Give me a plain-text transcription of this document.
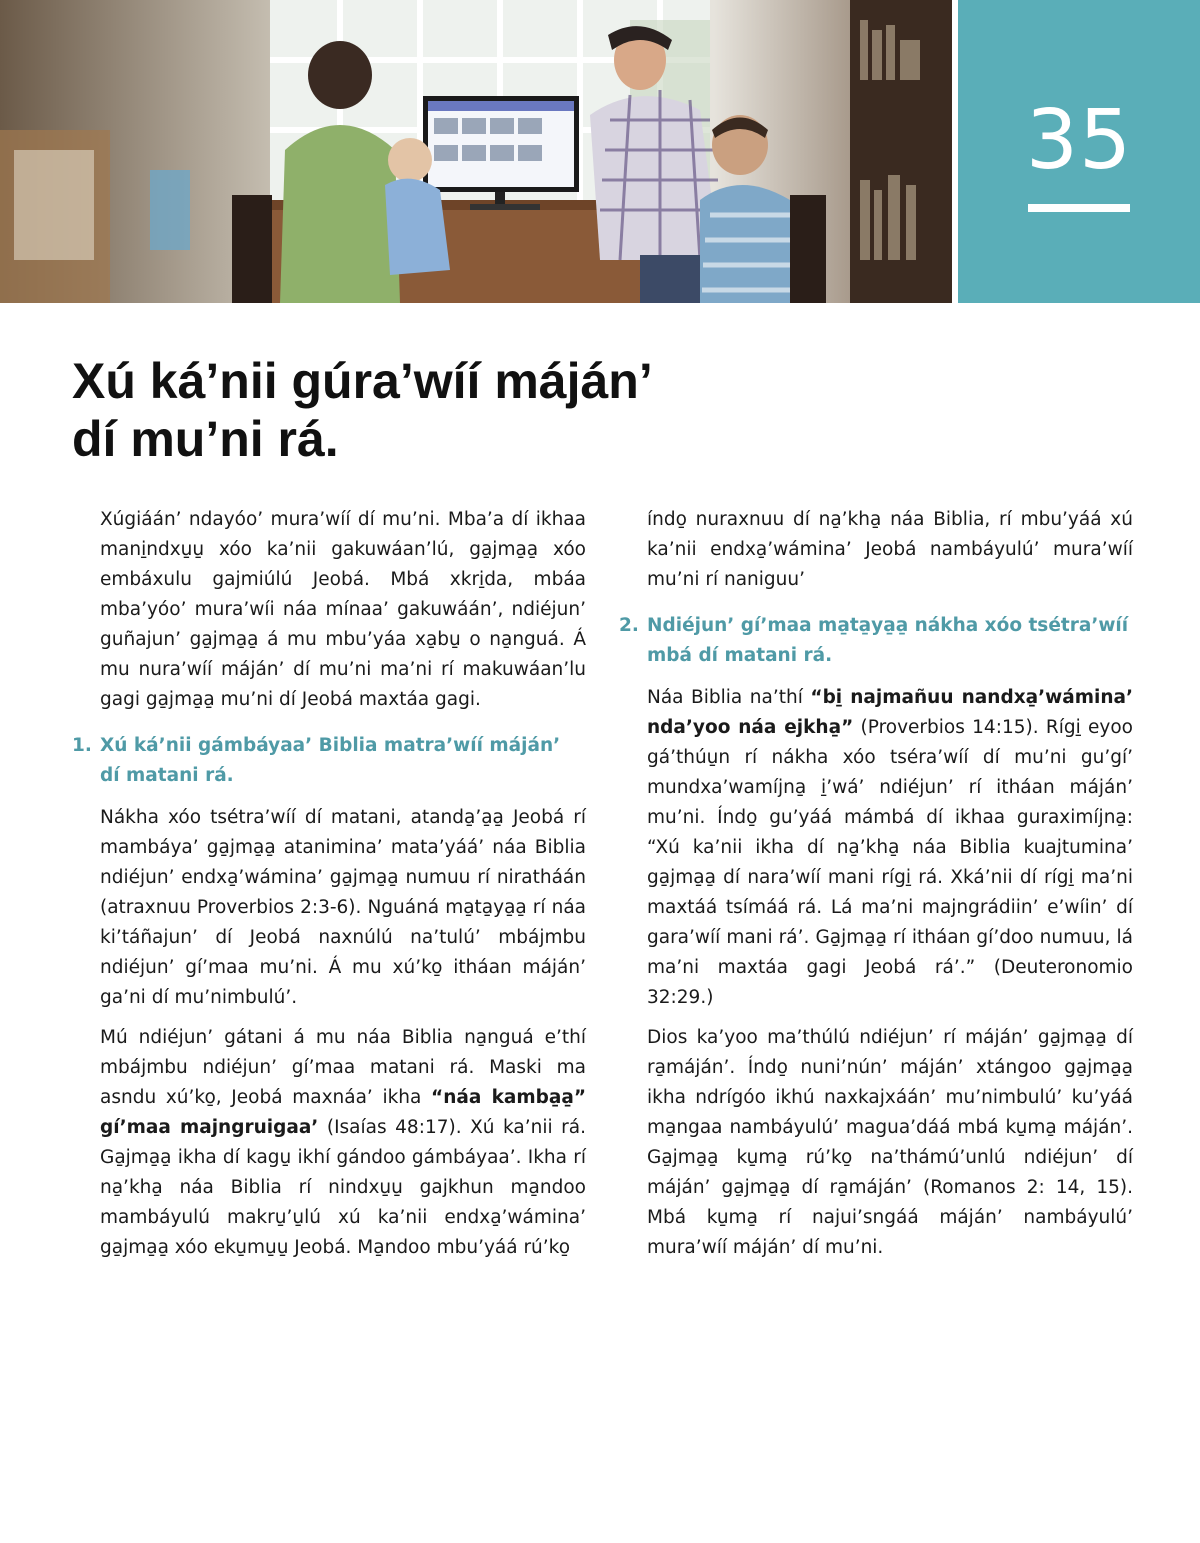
35
Xú ká’nii gúra’wíí máján’
dí mu’ni rá.

Xúgiáán’ ndayóo’ mura’wíí dí mu’ni. Mba’a dí ikhaa mani̱ndxu̱u̱ xóo ka’nii gakuwáan’lú, ga̱jma̱a̱ xóo embáxulu gajmiúlú Jeobá. Mbá xkri̱da, mbáa mba’yóo’ mura’wíi náa mínaa’ gakuwáán’, ndiéjun’ guñajun’ ga̱jma̱a̱ á mu mbu’yáa xa̱bu̱ o na̱nguá. Á mu nura’wíí máján’ dí mu’ni ma’ni rí makuwáan’lu gagi ga̱jma̱a̱ mu’ni dí Jeobá maxtáa gagi.

1. Xú ká’nii gámbáyaa’ Biblia matra’wíí máján’ dí matani rá.

Nákha xóo tsétra’wíí dí matani, atanda̱’a̱a̱ Jeobá rí mambáya’ ga̱jma̱a̱ atanimina’ mata’yáá’ náa Biblia ndiéjun’ endxa̱’wámina’ ga̱jma̱a̱ numuu rí niratháán (atraxnuu Proverbios 2:3-6). Nguáná ma̱ta̱ya̱a̱ rí náa ki’táñajun’ dí Jeobá naxnúlú na’tulú’ mbájmbu ndiéjun’ gí’maa mu’ni. Á mu xú’ko̱ itháan máján’ ga’ni dí mu’nimbulú’.

Mú ndiéjun’ gátani á mu náa Biblia na̱nguá e’thí mbájmbu ndiéjun’ gí’maa matani rá. Maski ma asndu xú’ko̱, Jeobá maxnáa’ ikha “náa kamba̱a̱” gí’maa majngruigaa’ (Isaías 48:17). Xú ka’nii rá. Ga̱jma̱a̱ ikha dí kagu̱ ikhí gándoo gámbáyaa’. Ikha rí na̱’kha̱ náa Biblia rí nindxu̱u̱ gajkhun ma̱ndoo mambáyulú makru̱’u̱lú xú ka’nii endxa̱’wámina’ ga̱jma̱a̱ xóo eku̱mu̱u̱ Jeobá. Ma̱ndoo mbu’yáá rú’ko̱

índo̱ nuraxnuu dí na̱’kha̱ náa Biblia, rí mbu’yáá xú ka’nii endxa̱’wámina’ Jeobá nambáyulú’ mura’wíí mu’ni rí naniguu’

2. Ndiéjun’ gí’maa ma̱ta̱ya̱a̱ nákha xóo tsétra’wíí mbá dí matani rá.

Náa Biblia na’thí “bi̱ najmañuu nandxa̱’wámina’ nda’yoo náa ejkha̱” (Proverbios 14:15). Rígi̱ eyoo gá’thúu̱n rí nákha xóo tséra’wíí dí mu’ni gu’gí’ mundxa’wamíjna̱ i̱’wá’ ndiéjun’ rí itháan máján’ mu’ni. Índo̱ gu’yáá mámbá dí ikhaa guraximíjna̱: “Xú ka’nii ikha dí na̱’kha̱ náa Biblia kuajtumina’ ga̱jma̱a̱ dí nara’wíí mani rígi̱ rá. Xká’nii dí rígi̱ ma’ni maxtáá tsímáá rá. Lá ma’ni majngrádiin’ e’wíin’ dí gara’wíí mani rá’. Ga̱jma̱a̱ rí itháan gí’doo numuu, lá ma’ni maxtáa gagi Jeobá rá’.” (Deuteronomio 32:29.)

Dios ka’yoo ma’thúlú ndiéjun’ rí máján’ ga̱jma̱a̱ dí ra̱máján’. Índo̱ nuni’nún’ máján’ xtángoo ga̱jma̱a̱ ikha ndrígóo ikhú naxkajxáán’ mu’nimbulú’ ku’yáá ma̱ngaa nambáyulú’ magua’dáá mbá ku̱ma̱ máján’. Ga̱jma̱a̱ ku̱ma̱ rú’ko̱ na’thámú’unlú ndiéjun’ dí máján’ ga̱jma̱a̱ dí ra̱máján’ (Romanos 2: 14, 15). Mbá ku̱ma̱ rí najui’sngáá máján’ nambáyulú’ mura’wíí máján’ dí mu’ni.
